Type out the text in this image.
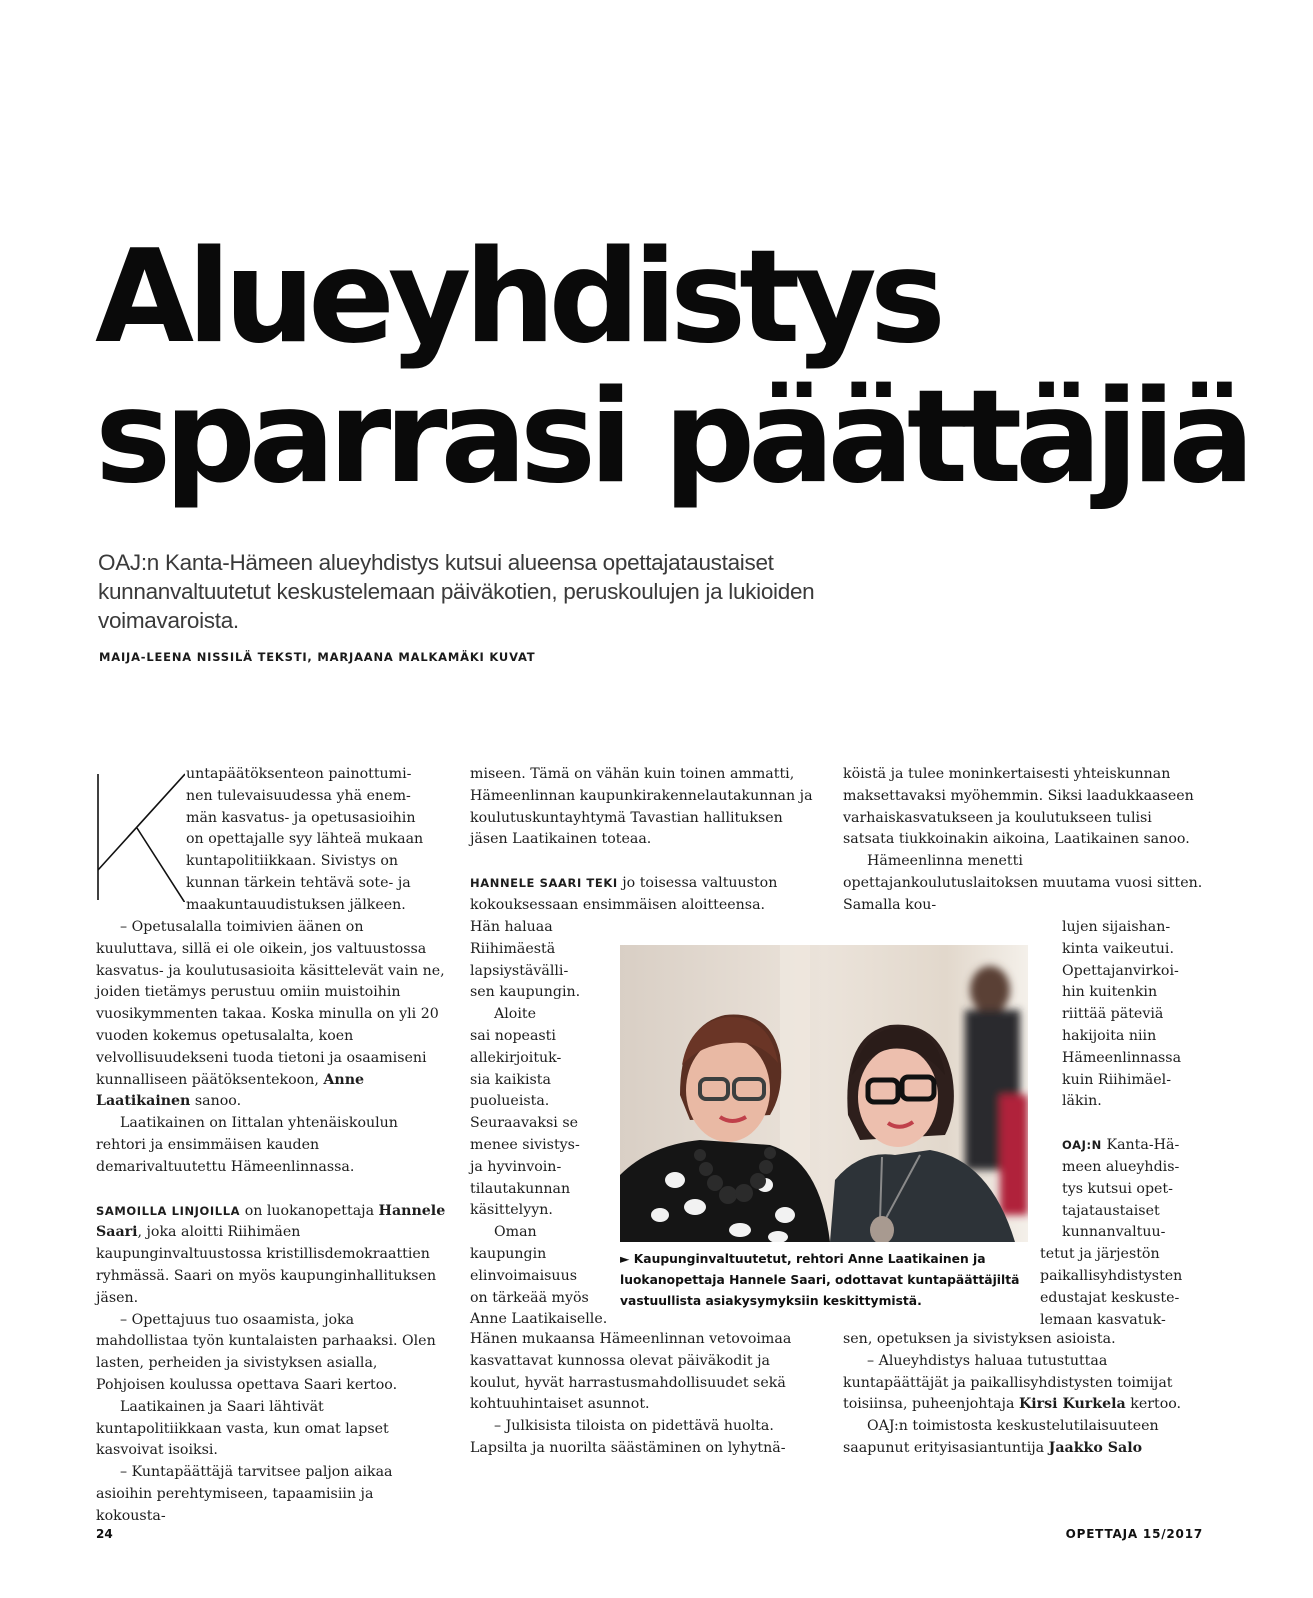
Alueyhdistys
sparrasi päättäjiä

OAJ:n Kanta-Hämeen alueyhdistys kutsui alueensa opettajataustaiset kunnanvaltuutetut keskustelemaan päiväkotien, peruskoulujen ja lukioiden voimavaroista.

MAIJA-LEENA NISSILÄ TEKSTI, MARJAANA MALKAMÄKI KUVAT

untapäätöksenteon painottumi-

nen tulevaisuudessa yhä enem-

män kasvatus- ja opetusasioihin

on opettajalle syy lähteä mukaan

kuntapolitiikkaan. Sivistys on

kunnan tärkein tehtävä sote- ja

maakuntauudistuksen jälkeen.

– Opetusalalla toimivien äänen on kuuluttava, sillä ei ole oikein, jos valtuustossa kasvatus- ja koulutusasioita käsittelevät vain ne, joiden tietämys perustuu omiin muistoihin vuosikymmenten takaa. Koska minulla on yli 20 vuoden kokemus opetusalalta, koen velvollisuudekseni tuoda tietoni ja osaamiseni kunnalliseen päätöksentekoon, Anne Laatikainen sanoo.

Laatikainen on Iittalan yhtenäiskoulun rehtori ja ensimmäisen kauden demarivaltuutettu Hämeenlinnassa.

SAMOILLA LINJOILLA on luokanopettaja Hannele Saari, joka aloitti Riihimäen kaupunginvaltuustossa kristillisdemokraattien ryhmässä. Saari on myös kaupunginhallituksen jäsen.

– Opettajuus tuo osaamista, joka mahdollistaa työn kuntalaisten parhaaksi. Olen lasten, perheiden ja sivistyksen asialla, Pohjoisen koulussa opettava Saari kertoo.

Laatikainen ja Saari lähtivät kuntapolitiikkaan vasta, kun omat lapset kasvoivat isoiksi.

– Kuntapäättäjä tarvitsee paljon aikaa asioihin perehtymiseen, tapaamisiin ja kokousta-

miseen. Tämä on vähän kuin toinen ammatti, Hämeenlinnan kaupunkirakennelautakunnan ja koulutuskuntayhtymä Tavastian hallituksen jäsen Laatikainen toteaa.

HANNELE SAARI TEKI jo toisessa valtuuston kokouksessaan ensimmäisen aloitteensa.

Hän haluaa

Riihimäestä

lapsiystävälli-

sen kaupungin.

Aloite

sai nopeasti

allekirjoituk-

sia kaikista

puolueista.

Seuraavaksi se

menee sivistys-

ja hyvinvoin-

tilautakunnan

käsittelyyn.

Oman

kaupungin

elinvoimaisuus

on tärkeää myös

Anne Laatikaiselle.

Hänen mukaansa Hämeenlinnan vetovoimaa kasvattavat kunnossa olevat päiväkodit ja koulut, hyvät harrastusmahdollisuudet sekä kohtuuhintaiset asunnot.

– Julkisista tiloista on pidettävä huolta. Lapsilta ja nuorilta säästäminen on lyhytnä-

► Kaupunginvaltuutetut, rehtori Anne Laatikainen ja luokanopettaja Hannele Saari, odottavat kuntapäättäjiltä vastuullista asiakysymyksiin keskittymistä.

köistä ja tulee moninkertaisesti yhteiskunnan maksettavaksi myöhemmin. Siksi laadukkaaseen varhaiskasvatukseen ja koulutukseen tulisi satsata tiukkoinakin aikoina, Laatikainen sanoo.

Hämeenlinna menetti opettajankoulutuslaitoksen muutama vuosi sitten. Samalla kou-

lujen sijaishan-

kinta vaikeutui.

Opettajanvirkoi-

hin kuitenkin

riittää päteviä

hakijoita niin

Hämeenlinnassa

kuin Riihimäel-

läkin.

OAJ:N Kanta-Hä-

meen alueyhdis-

tys kutsui opet-

tajataustaiset

kunnanvaltuu-

tetut ja järjestön

paikallisyhdistysten

edustajat keskuste-

lemaan kasvatuk-

sen, opetuksen ja sivistyksen asioista.

– Alueyhdistys haluaa tutustuttaa kuntapäättäjät ja paikallisyhdistysten toimijat toisiinsa, puheenjohtaja Kirsi Kurkela kertoo.

OAJ:n toimistosta keskustelutilaisuuteen saapunut erityisasiantuntija Jaakko Salo

24	OPETTAJA 15/2017
